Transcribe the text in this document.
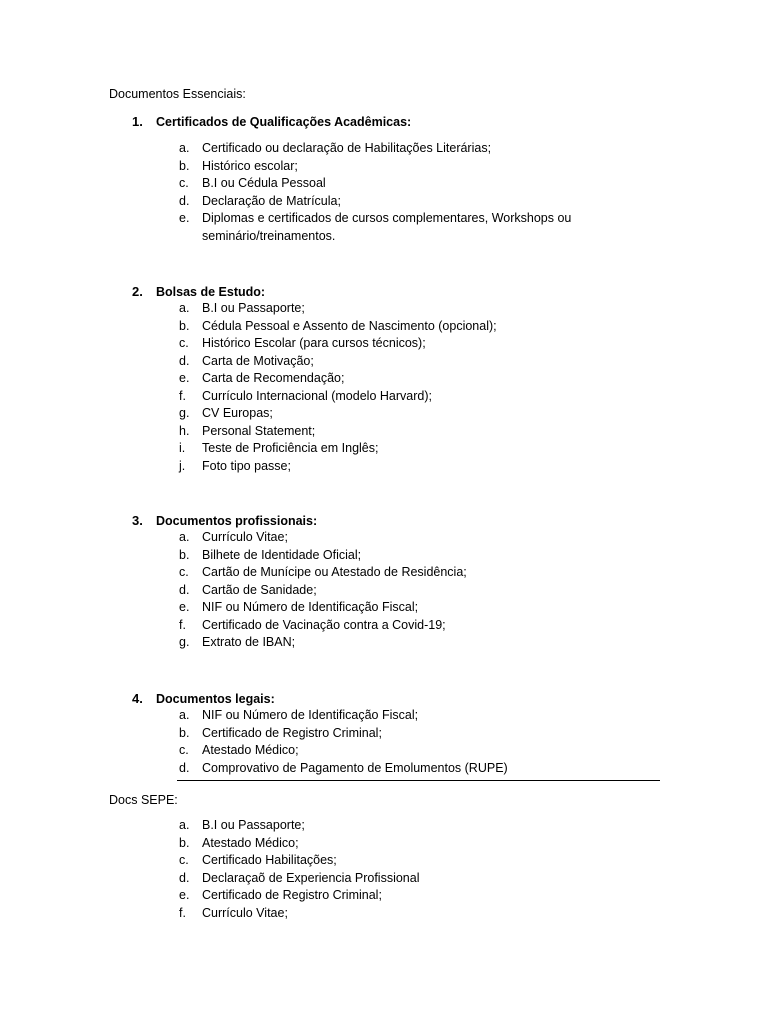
Documentos Essenciais:
1. Certificados de Qualificações Acadêmicas:
a. Certificado ou declaração de Habilitações Literárias;
b. Histórico escolar;
c. B.I ou Cédula Pessoal
d. Declaração de Matrícula;
e. Diplomas e certificados de cursos complementares, Workshops ou seminário/treinamentos.
2. Bolsas de Estudo:
a. B.I ou Passaporte;
b. Cédula Pessoal e Assento de Nascimento (opcional);
c. Histórico Escolar (para cursos técnicos);
d. Carta de Motivação;
e. Carta de Recomendação;
f. Currículo Internacional (modelo Harvard);
g. CV Europas;
h. Personal Statement;
i. Teste de Proficiência em Inglês;
j. Foto tipo passe;
3. Documentos profissionais:
a. Currículo Vitae;
b. Bilhete de Identidade Oficial;
c. Cartão de Munícipe ou Atestado de Residência;
d. Cartão de Sanidade;
e. NIF ou Número de Identificação Fiscal;
f. Certificado de Vacinação contra a Covid-19;
g. Extrato de IBAN;
4. Documentos legais:
a. NIF ou Número de Identificação Fiscal;
b. Certificado de Registro Criminal;
c. Atestado Médico;
d. Comprovativo de Pagamento de Emolumentos (RUPE)
Docs SEPE:
a. B.I ou Passaporte;
b. Atestado Médico;
c. Certificado Habilitações;
d. Declaraçaõ de Experiencia Profissional
e. Certificado de Registro Criminal;
f. Currículo Vitae;
